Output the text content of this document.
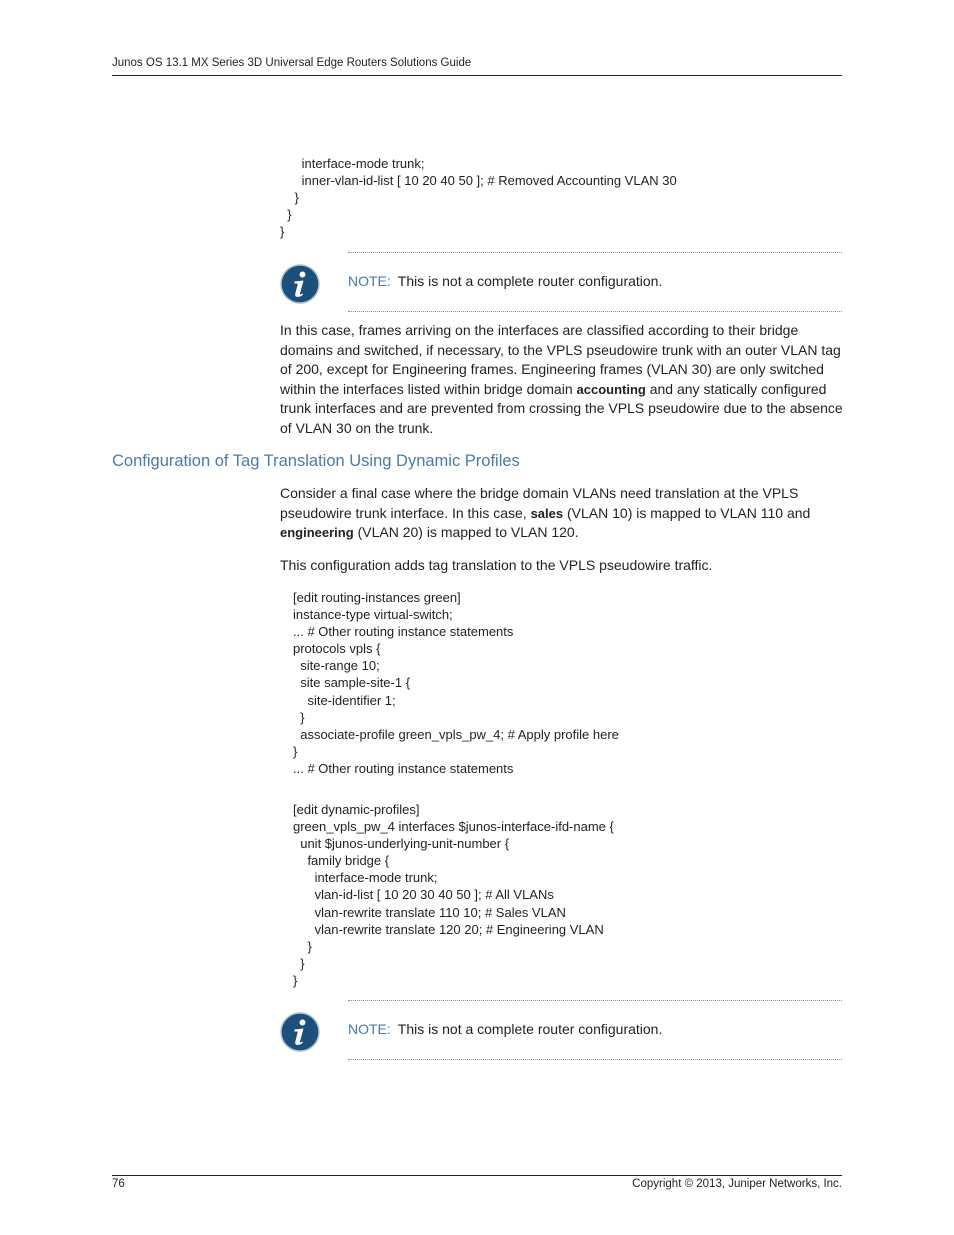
Junos OS 13.1 MX Series 3D Universal Edge Routers Solutions Guide
interface-mode trunk;
inner-vlan-id-list [ 10 20 40 50 ]; # Removed Accounting VLAN 30
}
}
}
NOTE: This is not a complete router configuration.

In this case, frames arriving on the interfaces are classified according to their bridge domains and switched, if necessary, to the VPLS pseudowire trunk with an outer VLAN tag of 200, except for Engineering frames. Engineering frames (VLAN 30) are only switched within the interfaces listed within bridge domain accounting and any statically configured trunk interfaces and are prevented from crossing the VPLS pseudowire due to the absence of VLAN 30 on the trunk.

Configuration of Tag Translation Using Dynamic Profiles

Consider a final case where the bridge domain VLANs need translation at the VPLS pseudowire trunk interface. In this case, sales (VLAN 10) is mapped to VLAN 110 and engineering (VLAN 20) is mapped to VLAN 120.

This configuration adds tag translation to the VPLS pseudowire traffic.

[edit routing-instances green]
instance-type virtual-switch;
... # Other routing instance statements
protocols vpls {
site-range 10;
site sample-site-1 {
site-identifier 1;
}
associate-profile green_vpls_pw_4; # Apply profile here
}
... # Other routing instance statements
[edit dynamic-profiles]
green_vpls_pw_4 interfaces $junos-interface-ifd-name {
unit $junos-underlying-unit-number {
family bridge {
interface-mode trunk;
vlan-id-list [ 10 20 30 40 50 ]; # All VLANs
vlan-rewrite translate 110 10; # Sales VLAN
vlan-rewrite translate 120 20; # Engineering VLAN
}
}
}
NOTE: This is not a complete router configuration.
76	Copyright © 2013, Juniper Networks, Inc.
